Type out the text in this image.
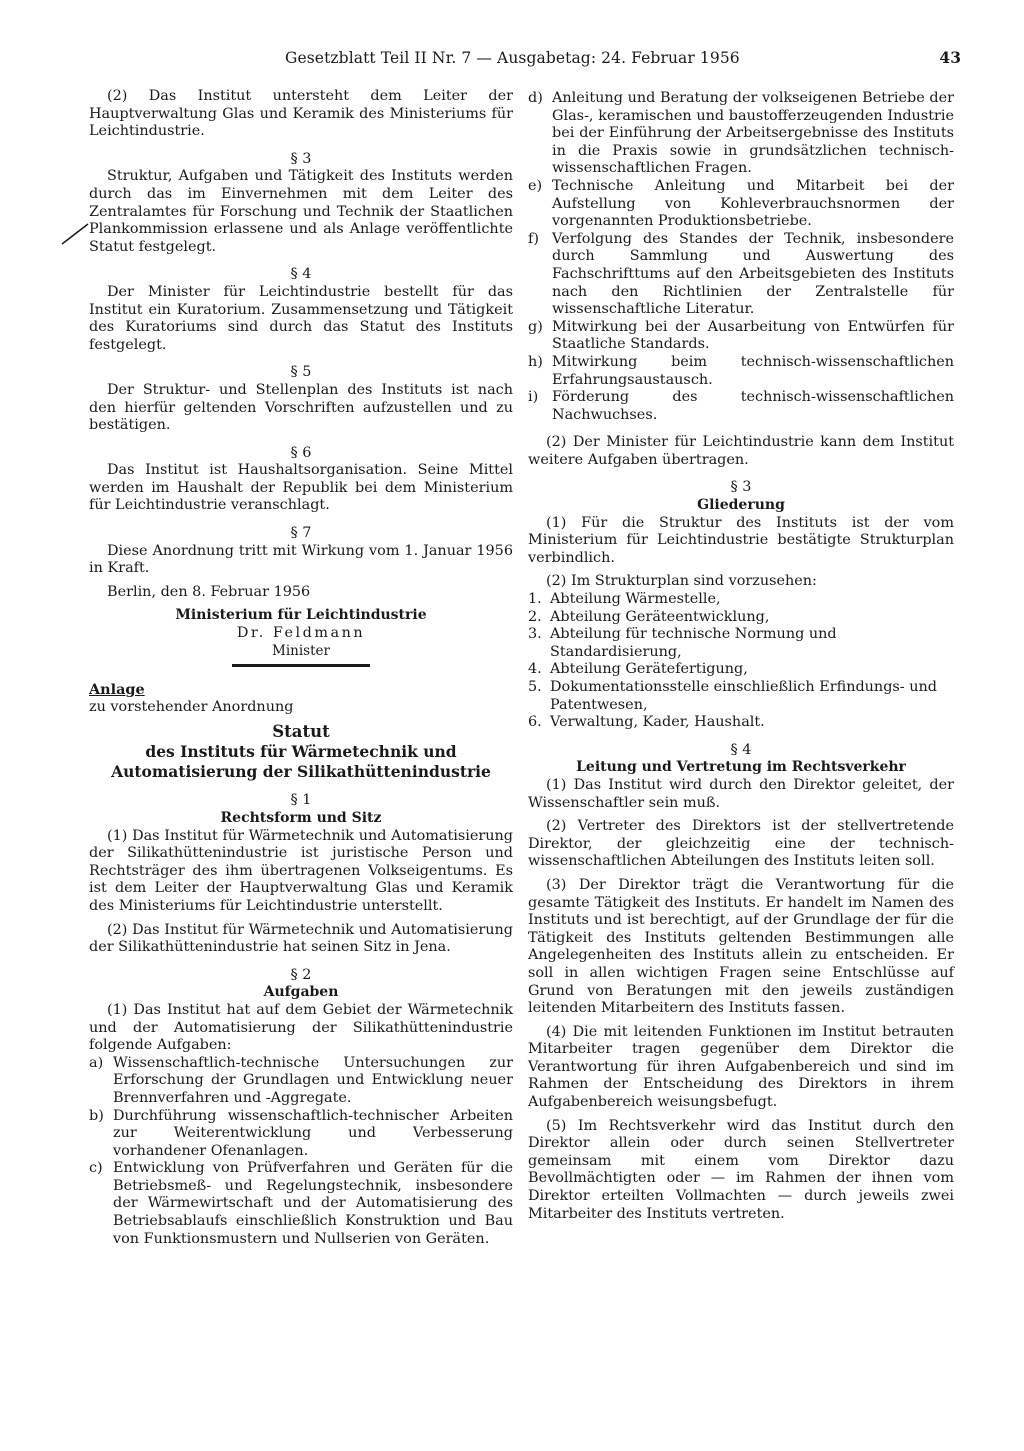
Gesetzblatt Teil II Nr. 7 — Ausgabetag: 24. Februar 1956	43

(2) Das Institut untersteht dem Leiter der Hauptverwaltung Glas und Keramik des Ministeriums für Leichtindustrie.

§ 3

Struktur, Aufgaben und Tätigkeit des Instituts werden durch das im Einvernehmen mit dem Leiter des Zentralamtes für Forschung und Technik der Staatlichen Plankommission erlassene und als Anlage veröffentlichte Statut festgelegt.

§ 4

Der Minister für Leichtindustrie bestellt für das Institut ein Kuratorium. Zusammensetzung und Tätigkeit des Kuratoriums sind durch das Statut des Instituts festgelegt.

§ 5

Der Struktur- und Stellenplan des Instituts ist nach den hierfür geltenden Vorschriften aufzustellen und zu bestätigen.

§ 6

Das Institut ist Haushaltsorganisation. Seine Mittel werden im Haushalt der Republik bei dem Ministerium für Leichtindustrie veranschlagt.

§ 7

Diese Anordnung tritt mit Wirkung vom 1. Januar 1956 in Kraft.

Berlin, den 8. Februar 1956

Ministerium für Leichtindustrie

Dr. Feldmann

Minister

Anlage

zu vorstehender Anordnung

Statut

des Instituts für Wärmetechnik und

Automatisierung der Silikathüttenindustrie

§ 1

Rechtsform und Sitz

(1) Das Institut für Wärmetechnik und Automatisierung der Silikathüttenindustrie ist juristische Person und Rechtsträger des ihm übertragenen Volkseigentums. Es ist dem Leiter der Hauptverwaltung Glas und Keramik des Ministeriums für Leichtindustrie unterstellt.

(2) Das Institut für Wärmetechnik und Automatisierung der Silikathüttenindustrie hat seinen Sitz in Jena.

§ 2

Aufgaben

(1) Das Institut hat auf dem Gebiet der Wärmetechnik und der Automatisierung der Silikathüttenindustrie folgende Aufgaben:

a) Wissenschaftlich-technische Untersuchungen zur Erforschung der Grundlagen und Entwicklung neuer Brennverfahren und -Aggregate.
b) Durchführung wissenschaftlich-technischer Arbeiten zur Weiterentwicklung und Verbesserung vorhandener Ofenanlagen.
c) Entwicklung von Prüfverfahren und Geräten für die Betriebsmeß- und Regelungstechnik, insbesondere der Wärmewirtschaft und der Automatisierung des Betriebsablaufs einschließlich Konstruktion und Bau von Funktionsmustern und Nullserien von Geräten.
d) Anleitung und Beratung der volkseigenen Betriebe der Glas-, keramischen und baustofferzeugenden Industrie bei der Einführung der Arbeitsergebnisse des Instituts in die Praxis sowie in grundsätzlichen technisch-wissenschaftlichen Fragen.
e) Technische Anleitung und Mitarbeit bei der Aufstellung von Kohleverbrauchsnormen der vorgenannten Produktionsbetriebe.
f) Verfolgung des Standes der Technik, insbesondere durch Sammlung und Auswertung des Fachschrifttums auf den Arbeitsgebieten des Instituts nach den Richtlinien der Zentralstelle für wissenschaftliche Literatur.
g) Mitwirkung bei der Ausarbeitung von Entwürfen für Staatliche Standards.
h) Mitwirkung beim technisch-wissenschaftlichen Erfahrungsaustausch.
i) Förderung des technisch-wissenschaftlichen Nachwuchses.

(2) Der Minister für Leichtindustrie kann dem Institut weitere Aufgaben übertragen.

§ 3

Gliederung

(1) Für die Struktur des Instituts ist der vom Ministerium für Leichtindustrie bestätigte Strukturplan verbindlich.

(2) Im Strukturplan sind vorzusehen:

1. Abteilung Wärmestelle,
2. Abteilung Geräteentwicklung,
3. Abteilung für technische Normung und Standardisierung,
4. Abteilung Gerätefertigung,
5. Dokumentationsstelle einschließlich Erfindungs- und Patentwesen,
6. Verwaltung, Kader, Haushalt.

§ 4

Leitung und Vertretung im Rechtsverkehr

(1) Das Institut wird durch den Direktor geleitet, der Wissenschaftler sein muß.

(2) Vertreter des Direktors ist der stellvertretende Direktor, der gleichzeitig eine der technisch-wissenschaftlichen Abteilungen des Instituts leiten soll.

(3) Der Direktor trägt die Verantwortung für die gesamte Tätigkeit des Instituts. Er handelt im Namen des Instituts und ist berechtigt, auf der Grundlage der für die Tätigkeit des Instituts geltenden Bestimmungen alle Angelegenheiten des Instituts allein zu entscheiden. Er soll in allen wichtigen Fragen seine Entschlüsse auf Grund von Beratungen mit den jeweils zuständigen leitenden Mitarbeitern des Instituts fassen.

(4) Die mit leitenden Funktionen im Institut betrauten Mitarbeiter tragen gegenüber dem Direktor die Verantwortung für ihren Aufgabenbereich und sind im Rahmen der Entscheidung des Direktors in ihrem Aufgabenbereich weisungsbefugt.

(5) Im Rechtsverkehr wird das Institut durch den Direktor allein oder durch seinen Stellvertreter gemeinsam mit einem vom Direktor dazu Bevollmächtigten oder — im Rahmen der ihnen vom Direktor erteilten Vollmachten — durch jeweils zwei Mitarbeiter des Instituts vertreten.
